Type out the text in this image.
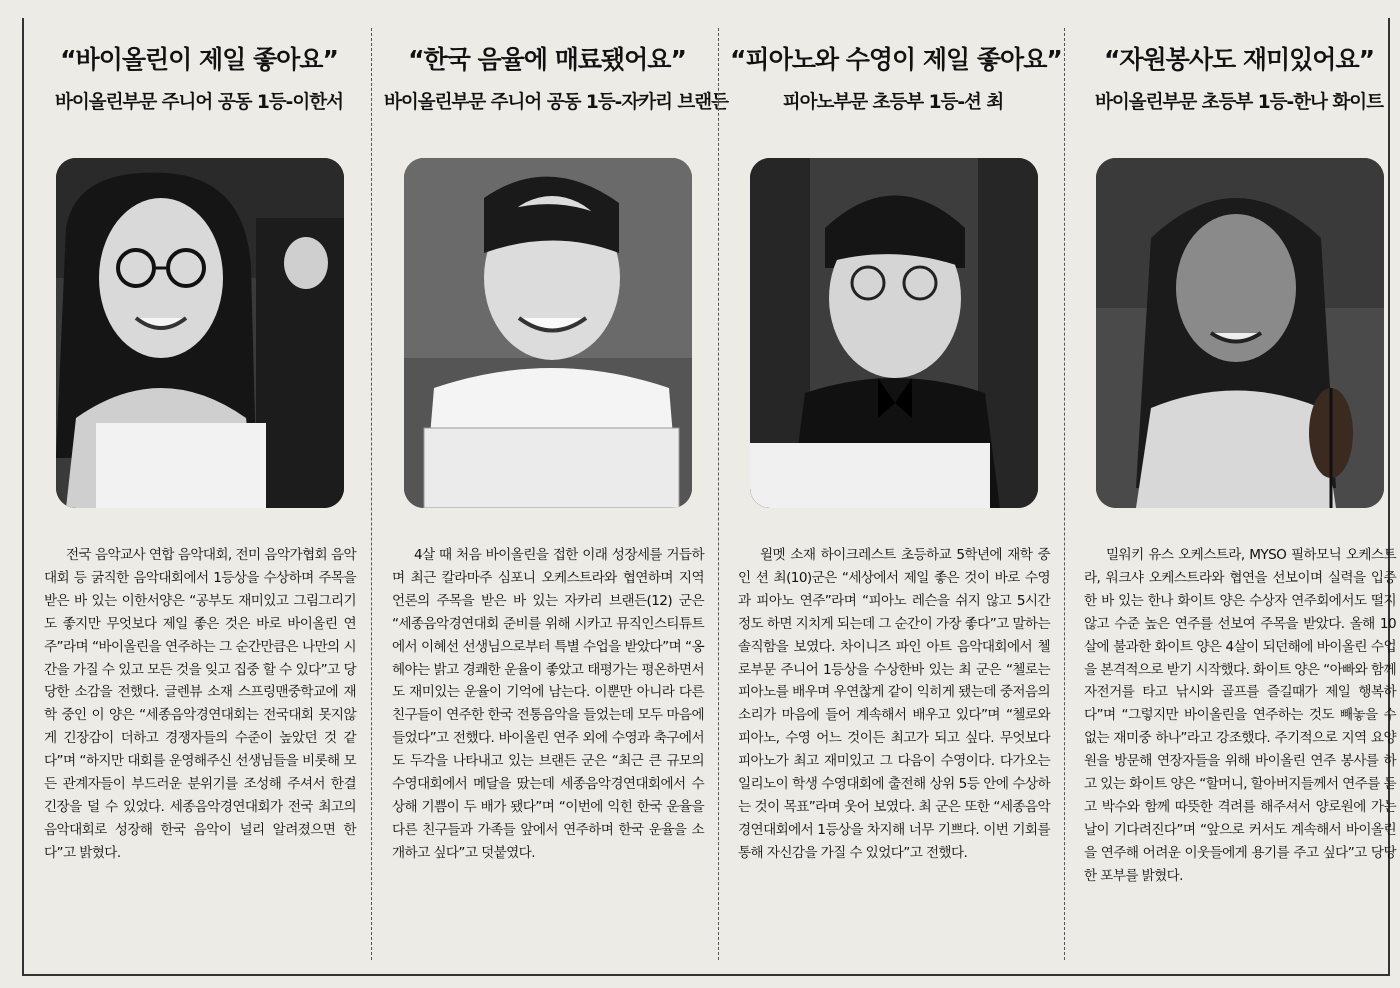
“바이올린이 제일 좋아요”
바이올린부문 주니어 공동 1등-이한서

전국 음악교사 연합 음악대회, 전미 음악가협회 음악대회 등 굵직한 음악대회에서 1등상을 수상하며 주목을 받은 바 있는 이한서양은 “공부도 재미있고 그림그리기도 좋지만 무엇보다 제일 좋은 것은 바로 바이올린 연주”라며 “바이올린을 연주하는 그 순간만큼은 나만의 시간을 가질 수 있고 모든 것을 잊고 집중 할 수 있다”고 당당한 소감을 전했다. 글렌뷰 소재 스프링맨중학교에 재학 중인 이 양은 “세종음악경연대회는 전국대회 못지않게 긴장감이 더하고 경쟁자들의 수준이 높았던 것 같다”며 “하지만 대회를 운영해주신 선생님들을 비롯해 모든 관계자들이 부드러운 분위기를 조성해 주셔서 한결 긴장을 덜 수 있었다. 세종음악경연대회가 전국 최고의 음악대회로 성장해 한국 음악이 널리 알려졌으면 한다”고 밝혔다.

“한국 음율에 매료됐어요”
바이올린부문 주니어 공동 1등-자카리 브랜든

4살 때 처음 바이올린을 접한 이래 성장세를 거듭하며 최근 칼라마주 심포니 오케스트라와 협연하며 지역 언론의 주목을 받은 바 있는 자카리 브랜든(12) 군은 “세종음악경연대회 준비를 위해 시카고 뮤직인스티튜트에서 이혜선 선생님으로부터 특별 수업을 받았다”며 “옹헤야는 밝고 경쾌한 운율이 좋았고 태평가는 평온하면서도 재미있는 운율이 기억에 남는다. 이뿐만 아니라 다른 친구들이 연주한 한국 전통음악을 들었는데 모두 마음에 들었다”고 전했다. 바이올린 연주 외에 수영과 축구에서도 두각을 나타내고 있는 브랜든 군은 “최근 큰 규모의 수영대회에서 메달을 땄는데 세종음악경연대회에서 수상해 기쁨이 두 배가 됐다”며 “이번에 익힌 한국 운율을 다른 친구들과 가족들 앞에서 연주하며 한국 운율을 소개하고 싶다”고 덧붙였다.

“피아노와 수영이 제일 좋아요”
피아노부문 초등부 1등-션 최

윌멧 소재 하이크레스트 초등하교 5학년에 재학 중인 션 최(10)군은 “세상에서 제일 좋은 것이 바로 수영과 피아노 연주”라며 “피아노 레슨을 쉬지 않고 5시간 정도 하면 지치게 되는데 그 순간이 가장 좋다”고 말하는 솔직함을 보였다. 차이니즈 파인 아트 음악대회에서 첼로부문 주니어 1등상을 수상한바 있는 최 군은 “첼로는 피아노를 배우며 우연찮게 같이 익히게 됐는데 중저음의 소리가 마음에 들어 계속해서 배우고 있다”며 “첼로와 피아노, 수영 어느 것이든 최고가 되고 싶다. 무엇보다 피아노가 최고 재미있고 그 다음이 수영이다. 다가오는 일리노이 학생 수영대회에 출전해 상위 5등 안에 수상하는 것이 목표”라며 웃어 보였다. 최 군은 또한 “세종음악경연대회에서 1등상을 차지해 너무 기쁘다. 이번 기회를 통해 자신감을 가질 수 있었다”고 전했다.

“자원봉사도 재미있어요”
바이올린부문 초등부 1등-한나 화이트

밀워키 유스 오케스트라, MYSO 필하모닉 오케스트라, 워크샤 오케스트라와 협연을 선보이며 실력을 입증한 바 있는 한나 화이트 양은 수상자 연주회에서도 떨지 않고 수준 높은 연주를 선보여 주목을 받았다. 올해 10살에 불과한 화이트 양은 4살이 되던해에 바이올린 수업을 본격적으로 받기 시작했다. 화이트 양은 “아빠와 함께 자전거를 타고 낚시와 골프를 즐길때가 제일 행복하다”며 “그렇지만 바이올린을 연주하는 것도 빼놓을 수 없는 재미중 하나”라고 강조했다. 주기적으로 지역 요양원을 방문해 연장자들을 위해 바이올린 연주 봉사를 하고 있는 화이트 양은 “할머니, 할아버지들께서 연주를 듣고 박수와 함께 따뜻한 격려를 해주셔서 양로원에 가는 날이 기다려진다”며 “앞으로 커서도 계속해서 바이올린을 연주해 어려운 이웃들에게 용기를 주고 싶다”고 당당한 포부를 밝혔다.
